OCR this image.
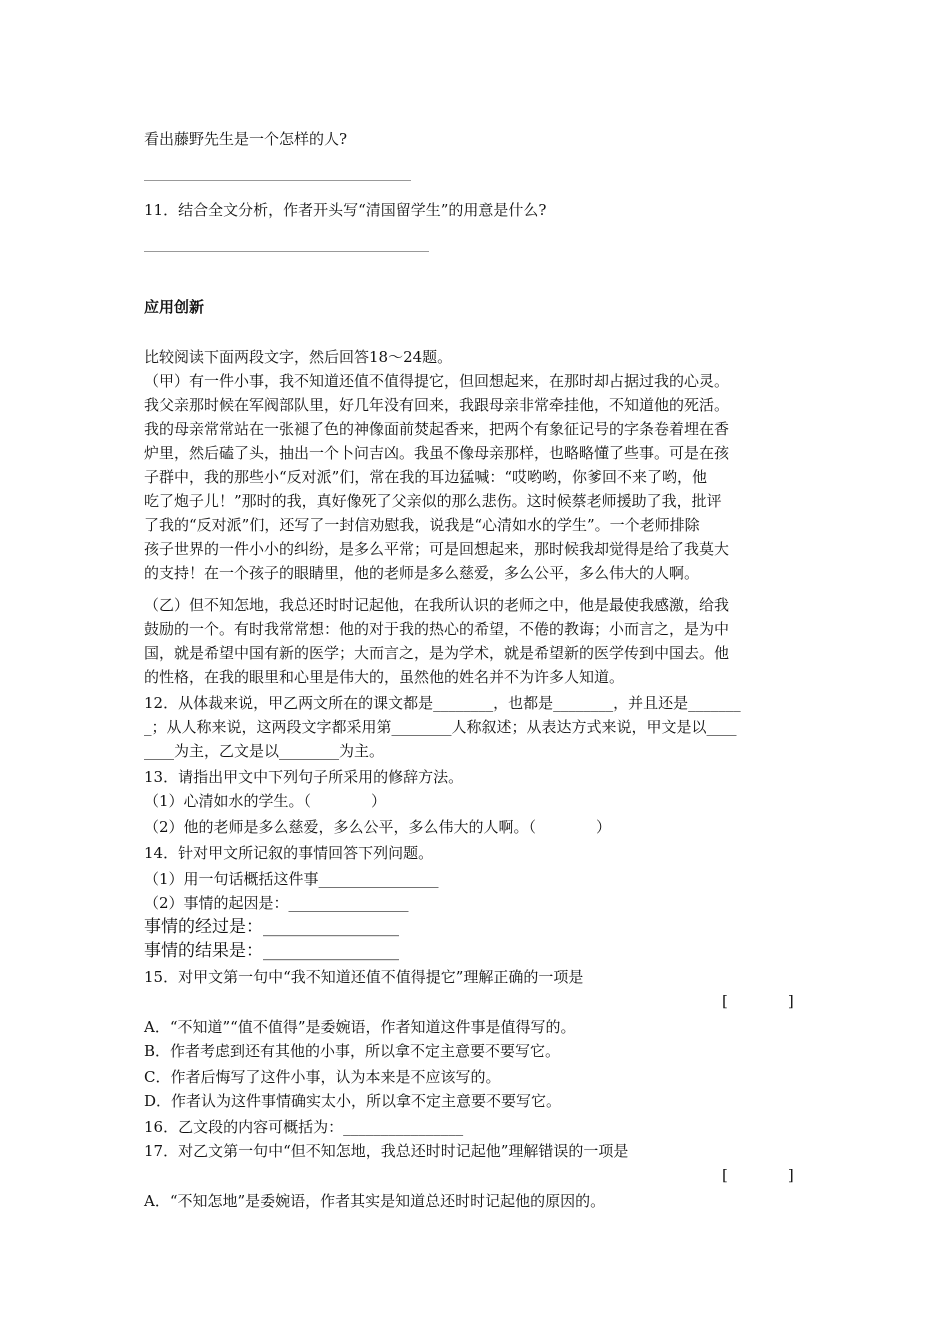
看出藤野先生是一个怎样的人?
11．结合全文分析，作者开头写“清国留学生”的用意是什么?
应用创新
比较阅读下面两段文字，然后回答18～24题。
（甲）有一件小事，我不知道还值不值得提它，但回想起来，在那时却占据过我的心灵。
我父亲那时候在军阀部队里，好几年没有回来，我跟母亲非常牵挂他，不知道他的死活。
我的母亲常常站在一张褪了色的神像面前焚起香来，把两个有象征记号的字条卷着埋在香
炉里，然后磕了头，抽出一个卜问吉凶。我虽不像母亲那样，也略略懂了些事。可是在孩
子群中，我的那些小“反对派”们，常在我的耳边猛喊：“哎哟哟，你爹回不来了哟，他
吃了炮子儿！”那时的我，真好像死了父亲似的那么悲伤。这时候蔡老师援助了我，批评
了我的“反对派”们，还写了一封信劝慰我，说我是“心清如水的学生”。一个老师排除
孩子世界的一件小小的纠纷，是多么平常；可是回想起来，那时候我却觉得是给了我莫大
的支持！在一个孩子的眼睛里，他的老师是多么慈爱，多么公平，多么伟大的人啊。
（乙）但不知怎地，我总还时时记起他，在我所认识的老师之中，他是最使我感激，给我
鼓励的一个。有时我常常想：他的对于我的热心的希望，不倦的教诲；小而言之，是为中
国，就是希望中国有新的医学；大而言之，是为学术，就是希望新的医学传到中国去。他
的性格，在我的眼里和心里是伟大的，虽然他的姓名并不为许多人知道。
12．从体裁来说，甲乙两文所在的课文都是________，也都是________，并且还是_______
_；从人称来说，这两段文字都采用第________人称叙述；从表达方式来说，甲文是以____
____为主，乙文是以________为主。
13．请指出甲文中下列句子所采用的修辞方法。
（1）心清如水的学生。（　　　　）
（2）他的老师是多么慈爱，多么公平，多么伟大的人啊。（　　　　）
14．针对甲文所记叙的事情回答下列问题。
（1）用一句话概括这件事________________
（2）事情的起因是：________________
事情的经过是：________________
事情的结果是：________________
15．对甲文第一句中“我不知道还值不值得提它”理解正确的一项是
[　　　　]
A．“不知道”“值不值得”是委婉语，作者知道这件事是值得写的。
B．作者考虑到还有其他的小事，所以拿不定主意要不要写它。
C．作者后悔写了这件小事，认为本来是不应该写的。
D．作者认为这件事情确实太小，所以拿不定主意要不要写它。
16．乙文段的内容可概括为：________________
17．对乙文第一句中“但不知怎地，我总还时时记起他”理解错误的一项是
[　　　　]
A．“不知怎地”是委婉语，作者其实是知道总还时时记起他的原因的。
